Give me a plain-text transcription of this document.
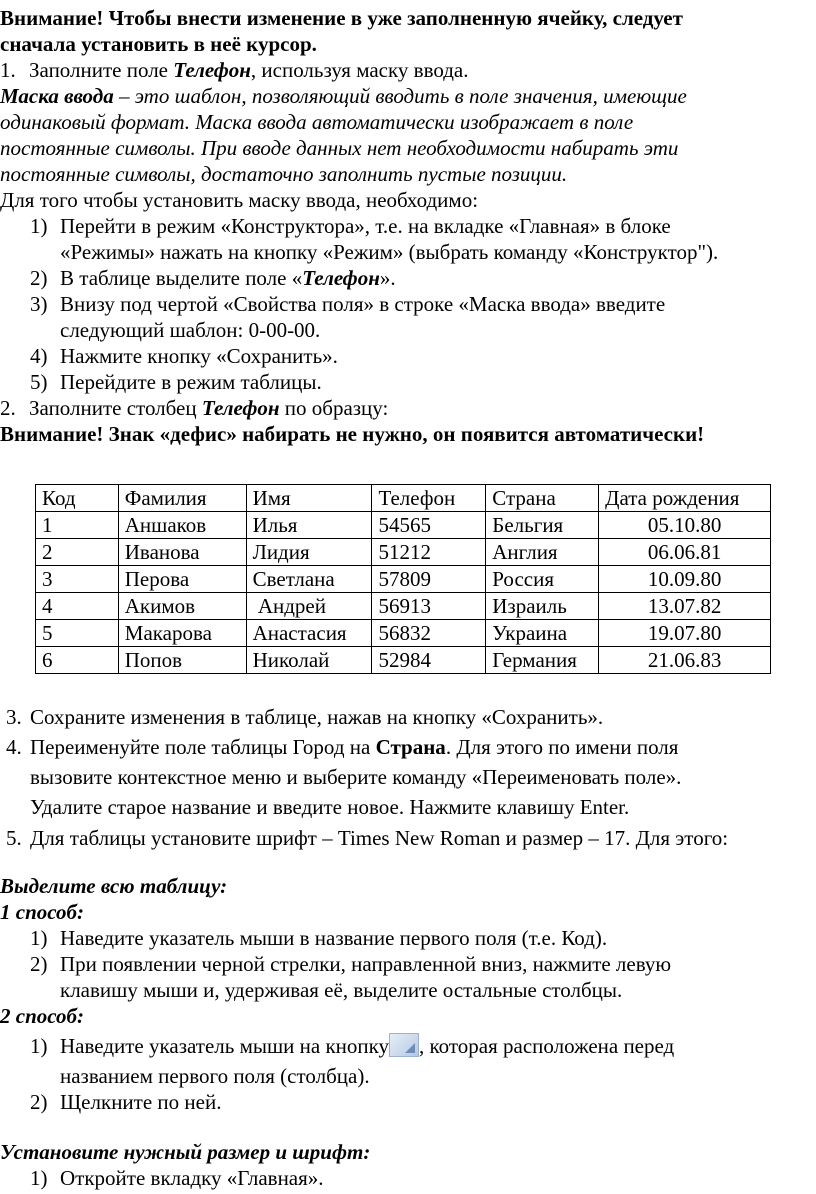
Внимание! Чтобы внести изменение в уже заполненную ячейку, следует
сначала установить в неё курсор.
1. Заполните поле Телефон, используя маску ввода.
Маска ввода – это шаблон, позволяющий вводить в поле значения, имеющие
одинаковый формат. Маска ввода автоматически изображает в поле
постоянные символы. При вводе данных нет необходимости набирать эти
постоянные символы, достаточно заполнить пустые позиции.
Для того чтобы установить маску ввода, необходимо:
1) Перейти в режим «Конструктора», т.е. на вкладке «Главная» в блоке
«Режимы» нажать на кнопку «Режим» (выбрать команду «Конструктор").
2) В таблице выделите поле «Телефон».
3) Внизу под чертой «Свойства поля» в строке «Маска ввода» введите
следующий шаблон: 0-00-00.
4) Нажмите кнопку «Сохранить».
5) Перейдите в режим таблицы.
2. Заполните столбец Телефон по образцу:
Внимание! Знак «дефис» набирать не нужно, он появится автоматически!
Код	Фамилия	Имя	Телефон	Страна	Дата рождения
1	Аншаков	Илья	54565	Бельгия	05.10.80
2	Иванова	Лидия	51212	Англия	06.06.81
3	Перова	Светлана	57809	Россия	10.09.80
4	Акимов	Андрей	56913	Израиль	13.07.82
5	Макарова	Анастасия	56832	Украина	19.07.80
6	Попов	Николай	52984	Германия	21.06.83
3. Сохраните изменения в таблице, нажав на кнопку «Сохранить».
4. Переименуйте поле таблицы Город на Страна. Для этого по имени поля
вызовите контекстное меню и выберите команду «Переименовать поле».
Удалите старое название и введите новое. Нажмите клавишу Enter.
5. Для таблицы установите шрифт – Times New Roman и размер – 17. Для этого:
Выделите всю таблицу:
1 способ:
1) Наведите указатель мыши в название первого поля (т.е. Код).
2) При появлении черной стрелки, направленной вниз, нажмите левую
клавишу мыши и, удерживая её, выделите остальные столбцы.
2 способ:
1) Наведите указатель мыши на кнопку , которая расположена перед
названием первого поля (столбца).
2) Щелкните по ней.
Установите нужный размер и шрифт:
1) Откройте вкладку «Главная».
